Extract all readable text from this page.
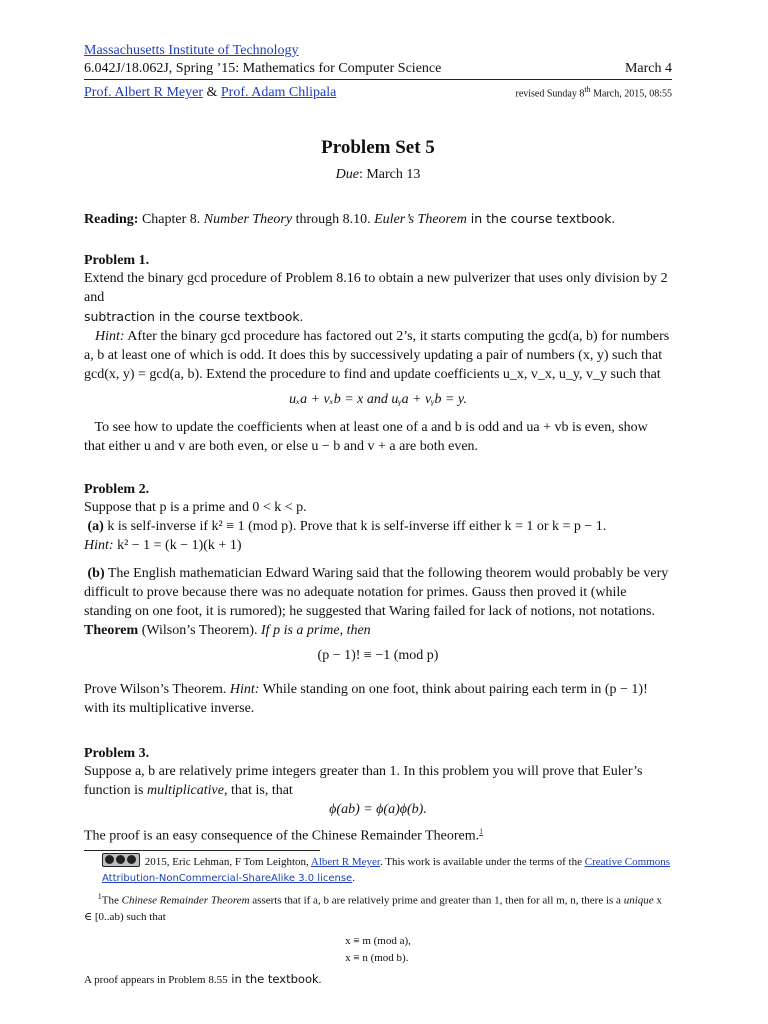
Massachusetts Institute of Technology
6.042J/18.062J, Spring ’15: Mathematics for Computer Science	March 4
Prof. Albert R Meyer & Prof. Adam Chlipala	revised Sunday 8th March, 2015, 08:55
Problem Set 5
Due: March 13

Reading: Chapter 8. Number Theory through 8.10. Euler’s Theorem in the course textbook.

Problem 1.

Extend the binary gcd procedure of Problem 8.16 to obtain a new pulverizer that uses only division by 2 and
subtraction in the course textbook.

Hint: After the binary gcd procedure has factored out 2’s, it starts computing the gcd(a, b) for numbers a, b at least one of which is odd. It does this by successively updating a pair of numbers (x, y) such that gcd(x, y) = gcd(a, b). Extend the procedure to find and update coefficients u_x, v_x, u_y, v_y such that

uₓa + vₓb = x and uᵧa + vᵧb = y.

To see how to update the coefficients when at least one of a and b is odd and ua + vb is even, show that either u and v are both even, or else u − b and v + a are both even.

Problem 2.

Suppose that p is a prime and 0 < k < p.

(a) k is self-inverse if k² ≡ 1 (mod p). Prove that k is self-inverse iff either k = 1 or k = p − 1.

Hint: k² − 1 = (k − 1)(k + 1)

(b) The English mathematician Edward Waring said that the following theorem would probably be very difficult to prove because there was no adequate notation for primes. Gauss then proved it (while standing on one foot, it is rumored); he suggested that Waring failed for lack of notions, not notations.

Theorem (Wilson’s Theorem). If p is a prime, then

(p − 1)! ≡ −1 (mod p)

Prove Wilson’s Theorem. Hint: While standing on one foot, think about pairing each term in (p − 1)! with its multiplicative inverse.

Problem 3.

Suppose a, b are relatively prime integers greater than 1. In this problem you will prove that Euler’s function is multiplicative, that is, that

ϕ(ab) = ϕ(a)ϕ(b).

The proof is an easy consequence of the Chinese Remainder Theorem.$^1$

2015, Eric Lehman, F Tom Leighton, Albert R Meyer. This work is available under the terms of the Creative Commons
Attribution-NonCommercial-ShareAlike 3.0 license.
$^1$The Chinese Remainder Theorem asserts that if a, b are relatively prime and greater than 1, then for all m, n, there is a unique x ∈ [0..ab) such that
x ≡ m (mod a),
x ≡ n (mod b).
A proof appears in Problem 8.55 in the textbook.
